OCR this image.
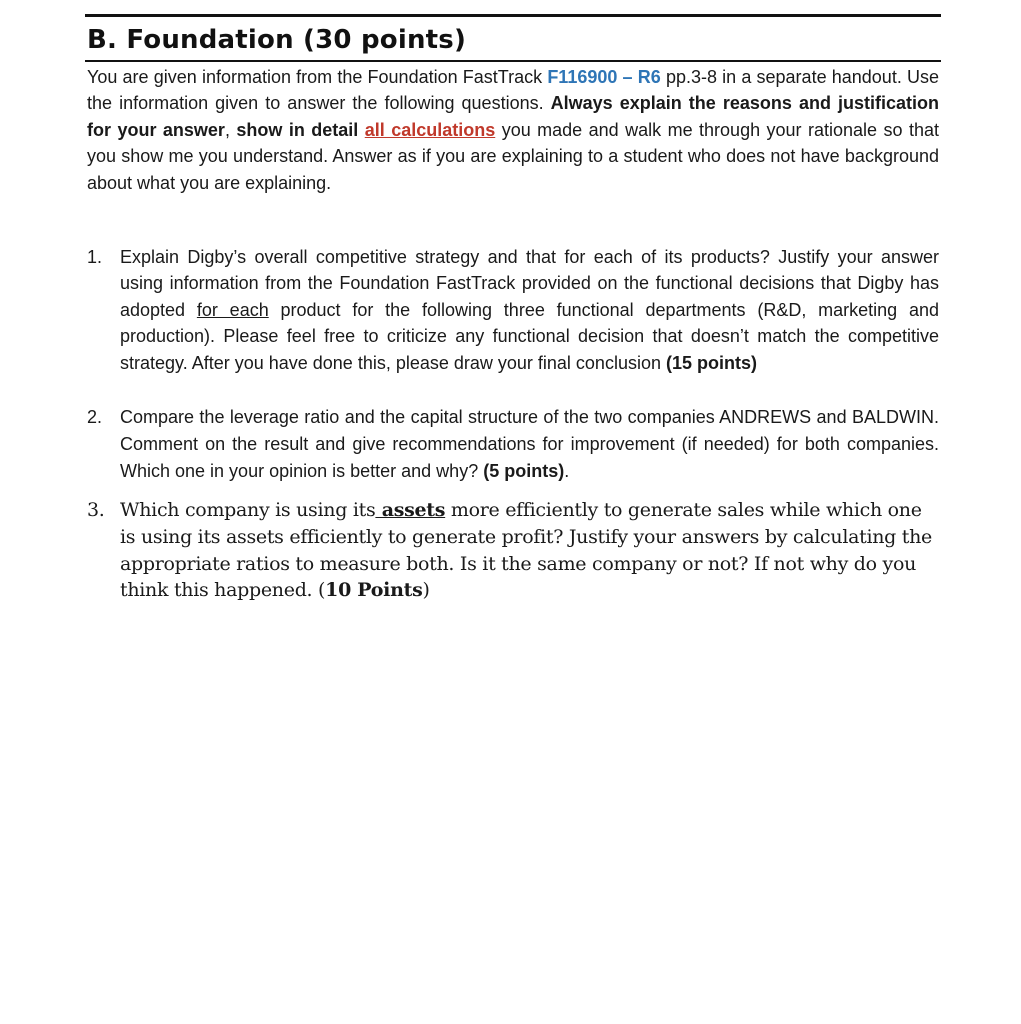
B. Foundation (30 points)

You are given information from the Foundation FastTrack F116900 – R6 pp.3-8 in a separate handout. Use the information given to answer the following questions. Always explain the reasons and justification for your answer, show in detail all calculations you made and walk me through your rationale so that you show me you understand. Answer as if you are explaining to a student who does not have background about what you are explaining.

1. Explain Digby’s overall competitive strategy and that for each of its products? Justify your answer using information from the Foundation FastTrack provided on the functional decisions that Digby has adopted for each product for the following three functional departments (R&D, marketing and production). Please feel free to criticize any functional decision that doesn’t match the competitive strategy. After you have done this, please draw your final conclusion (15 points)
2. Compare the leverage ratio and the capital structure of the two companies ANDREWS and BALDWIN. Comment on the result and give recommendations for improvement (if needed) for both companies. Which one in your opinion is better and why? (5 points).
3. Which company is using its assets more efficiently to generate sales while which one is using its assets efficiently to generate profit? Justify your answers by calculating the appropriate ratios to measure both. Is it the same company or not? If not why do you think this happened. (10 Points)
